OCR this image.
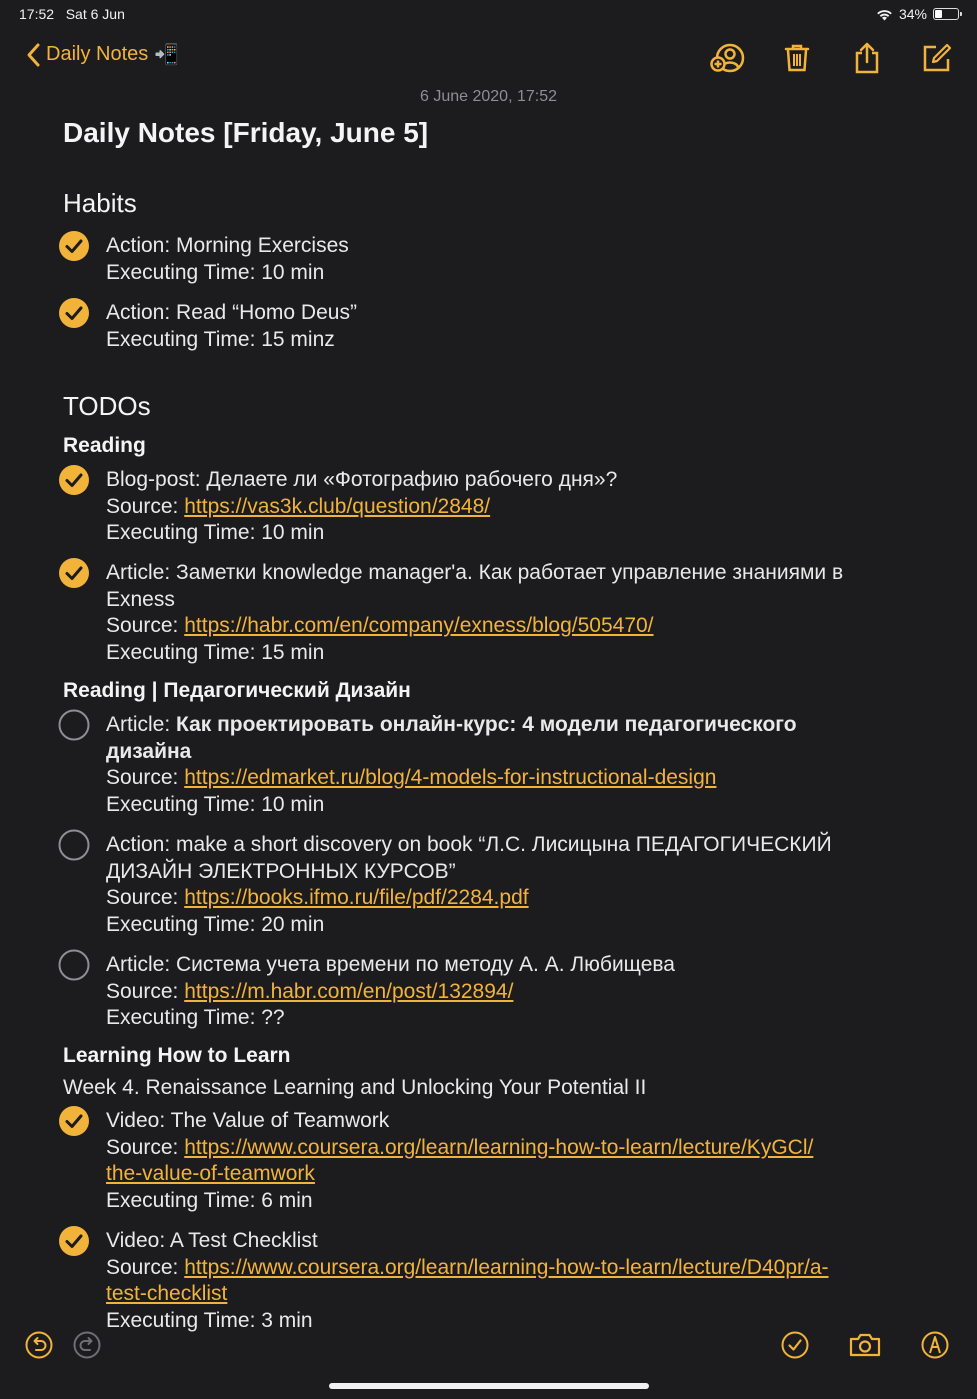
17:52 Sat 6 Jun	34%
Daily Notes 📲
6 June 2020, 17:52
Daily Notes [Friday, June 5]
Habits
Action: Morning Exercises
Executing Time: 10 min
Action: Read “Homo Deus”
Executing Time: 15 minz
TODOs
Reading
Blog-post: Делаете ли «Фотографию рабочего дня»?
Source: https://vas3k.club/question/2848/
Executing Time: 10 min
Article: Заметки knowledge manager'а. Как работает управление знаниями в
Exness
Source: https://habr.com/en/company/exness/blog/505470/
Executing Time: 15 min
Reading | Педагогический Дизайн
Article: Как проектировать онлайн-курс: 4 модели педагогического
дизайна
Source: https://edmarket.ru/blog/4-models-for-instructional-design
Executing Time: 10 min
Action: make a short discovery on book “Л.С. Лисицына ПЕДАГОГИЧЕСКИЙ
ДИЗАЙН ЭЛЕКТРОННЫХ КУРСОВ”
Source: https://books.ifmo.ru/file/pdf/2284.pdf
Executing Time: 20 min
Article: Система учета времени по методу А. А. Любищева
Source: https://m.habr.com/en/post/132894/
Executing Time: ??
Learning How to Learn
Week 4. Renaissance Learning and Unlocking Your Potential II
Video: The Value of Teamwork
Source: https://www.coursera.org/learn/learning-how-to-learn/lecture/KyGCl/
the-value-of-teamwork
Executing Time: 6 min
Video: A Test Checklist
Source: https://www.coursera.org/learn/learning-how-to-learn/lecture/D40pr/a-
test-checklist
Executing Time: 3 min
